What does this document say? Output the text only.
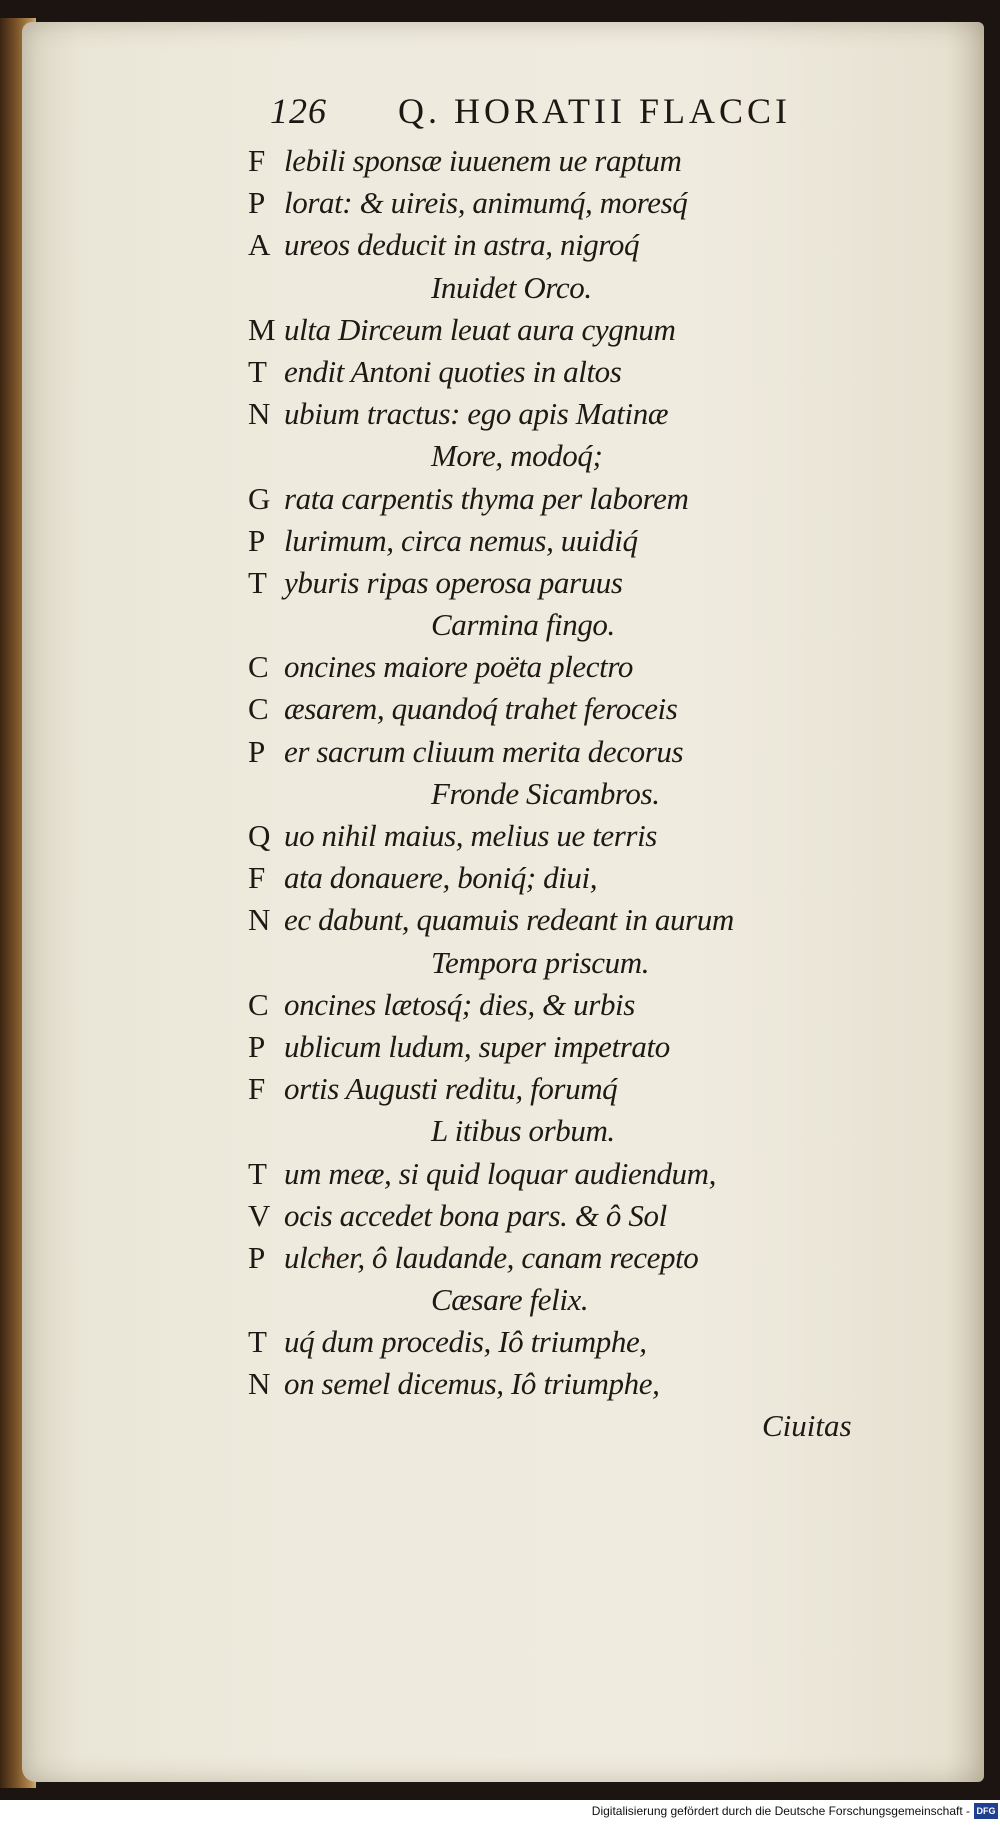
126 Q. HORATII FLACCI
F lebili sponsæ iuuenem ue raptum
P lorat: & uireis, animumq́, moresq́
A ureos deducit in astra, nigroq́
Inuidet Orco.
M ulta Dirceum leuat aura cygnum
T endit Antoni quoties in altos
N ubium tractus: ego apis Matinæ
More, modoq́;
G rata carpentis thyma per laborem
P lurimum, circa nemus, uuidiq́
T yburis ripas operosa paruus
Carmina fingo.
C oncines maiore poëta plectro
C æsarem, quandoq́ trahet feroceis
P er sacrum cliuum merita decorus
Fronde Sicambros.
Q uo nihil maius, melius ue terris
F ata donauere, boniq́; diui,
N ec dabunt, quamuis redeant in aurum
Tempora priscum.
C oncines lætosq́; dies, & urbis
P ublicum ludum, super impetrato
F ortis Augusti reditu, forumq́
L itibus orbum.
T um meæ, si quid loquar audiendum,
V ocis accedet bona pars. & ô Sol
P ulcher, ô laudande, canam recepto
Cæsare felix.
T uq́ dum procedis, Iô triumphe,
N on semel dicemus, Iô triumphe,
Ciuitas
Digitalisierung gefördert durch die Deutsche Forschungsgemeinschaft - DFG
